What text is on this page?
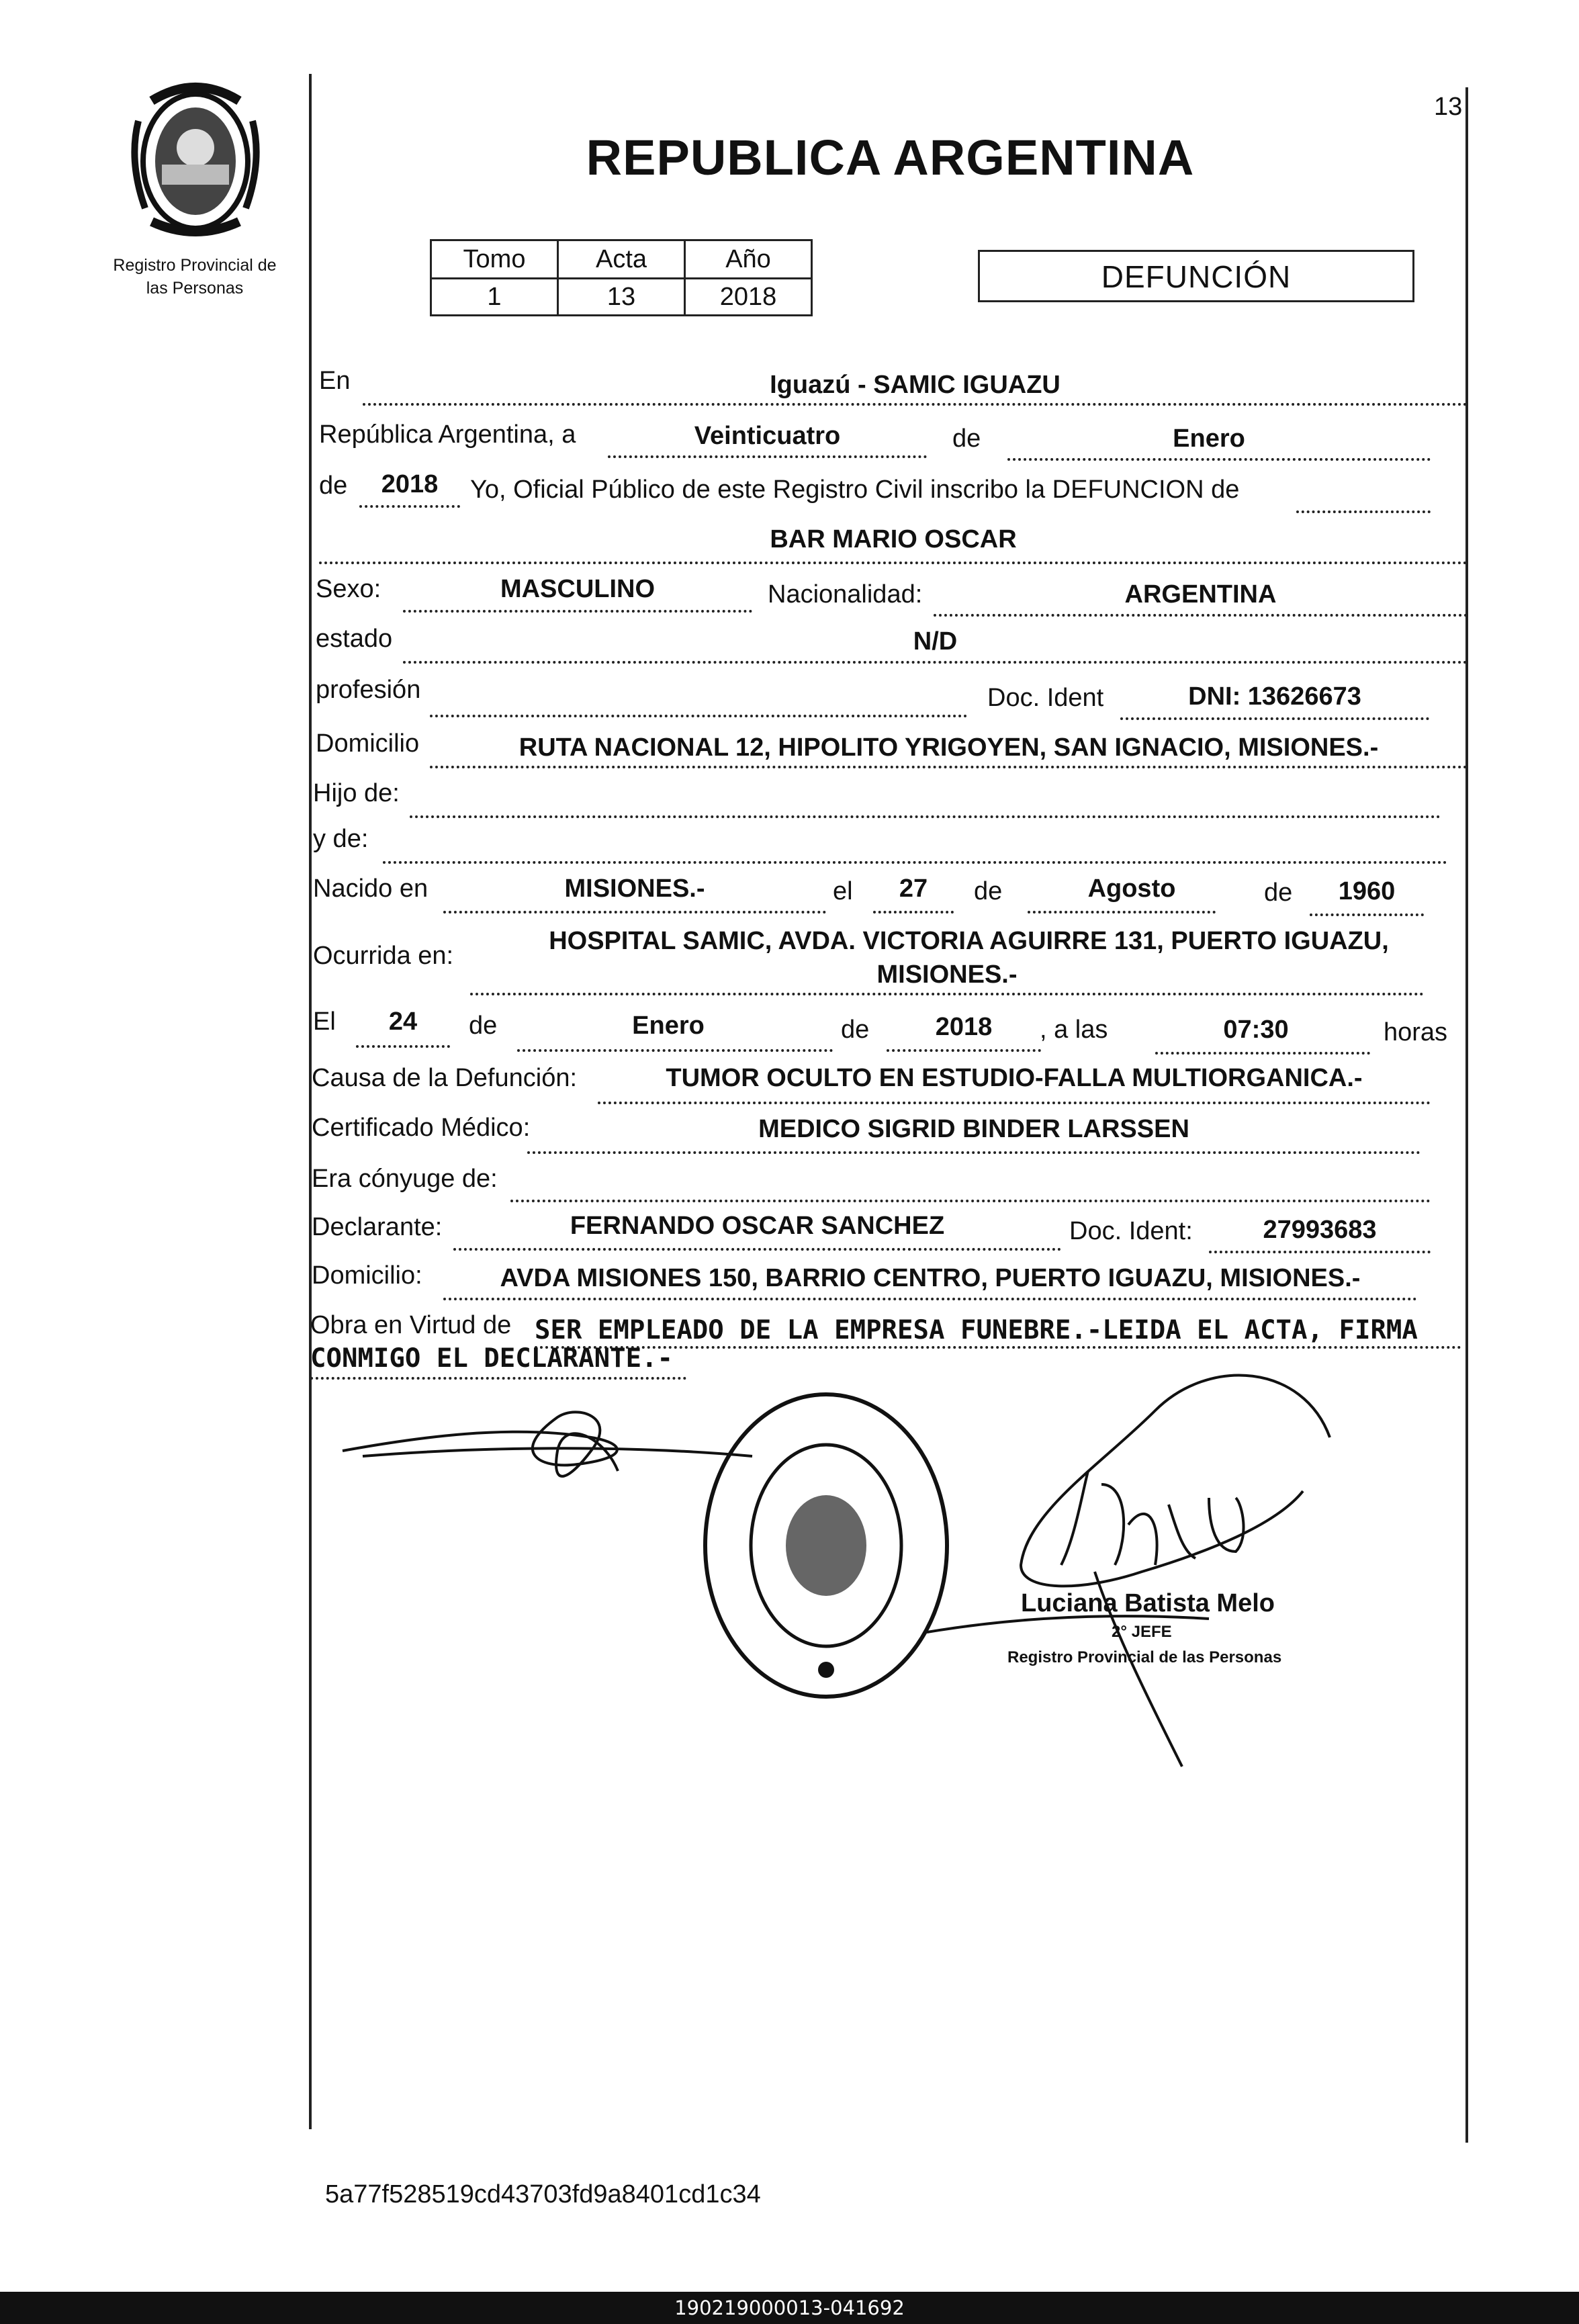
Registro Provincial de
las Personas
REPUBLICA ARGENTINA
13
Tomo	Acta	Año
1	13	2018
DEFUNCIÓN
En	Iguazú - SAMIC IGUAZU
República Argentina, a	Veinticuatro	de	Enero
de	2018	Yo, Oficial Público de este Registro Civil inscribo la DEFUNCION de
BAR MARIO OSCAR
Sexo:	MASCULINO	Nacionalidad:	ARGENTINA
estado	N/D
profesión	Doc. Ident	DNI: 13626673
Domicilio	RUTA NACIONAL 12, HIPOLITO YRIGOYEN, SAN IGNACIO, MISIONES.-
Hijo de:
y de:
Nacido en	MISIONES.-	el	27	de	Agosto	de	1960
Ocurrida en:
HOSPITAL SAMIC, AVDA. VICTORIA AGUIRRE 131, PUERTO IGUAZU,
MISIONES.-
El	24	de	Enero	de	2018	, a las	07:30	horas
Causa de la Defunción:	TUMOR OCULTO EN ESTUDIO-FALLA MULTIORGANICA.-
Certificado Médico:	MEDICO SIGRID BINDER LARSSEN
Era cónyuge de:
Declarante:	FERNANDO OSCAR SANCHEZ	Doc. Ident:	27993683
Domicilio:	AVDA MISIONES 150, BARRIO CENTRO, PUERTO IGUAZU, MISIONES.-
Obra en Virtud de SER EMPLEADO DE LA EMPRESA FUNEBRE.-LEIDA EL ACTA, FIRMA
CONMIGO EL DECLARANTE.-
Luciana Batista Melo
2° JEFE
Registro Provincial de las Personas
5a77f528519cd43703fd9a8401cd1c34
190219000013-041692
